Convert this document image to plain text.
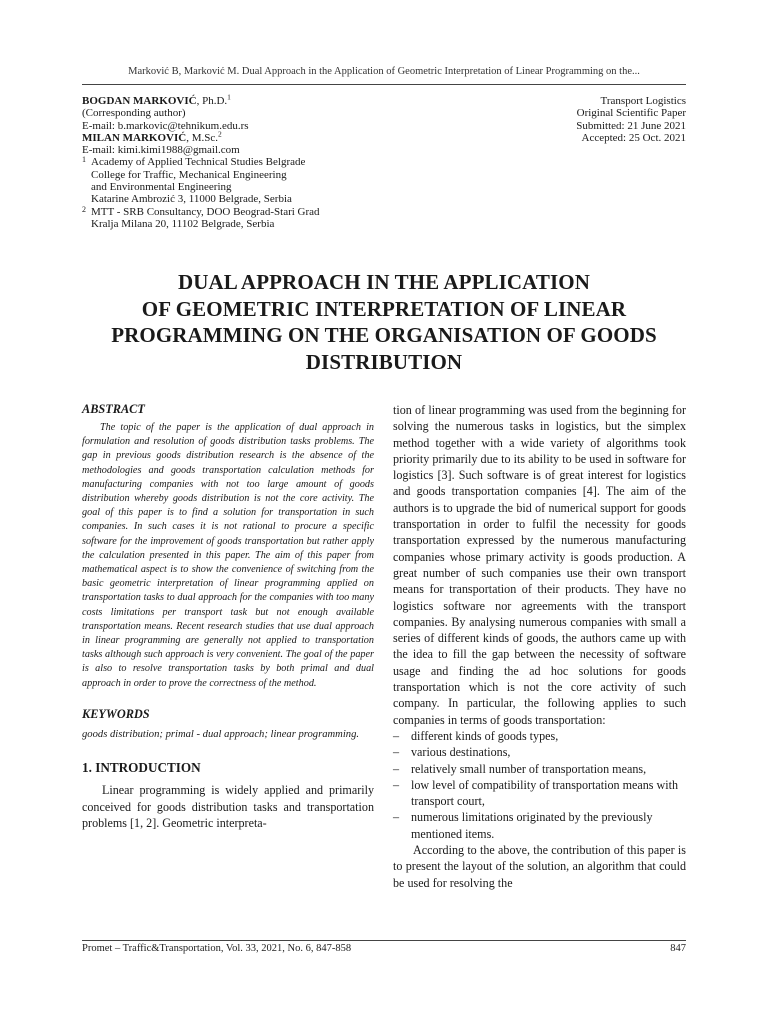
Marković B, Marković M. Dual Approach in the Application of Geometric Interpretation of Linear Programming on the...
BOGDAN MARKOVIĆ, Ph.D.$^1$
(Corresponding author)
E-mail: b.markovic@tehnikum.edu.rs
MILAN MARKOVIĆ, M.Sc.$^2$
E-mail: kimi.kimi1988@gmail.com
1 Academy of Applied Technical Studies Belgrade
College for Traffic, Mechanical Engineering
and Environmental Engineering
Katarine Ambrozić 3, 11000 Belgrade, Serbia
2 MTT - SRB Consultancy, DOO Beograd-Stari Grad
Kralja Milana 20, 11102 Belgrade, Serbia
Transport Logistics
Original Scientific Paper
Submitted: 21 June 2021
Accepted: 25 Oct. 2021
DUAL APPROACH IN THE APPLICATION
OF GEOMETRIC INTERPRETATION OF LINEAR
PROGRAMMING ON THE ORGANISATION OF GOODS
DISTRIBUTION
ABSTRACT
The topic of the paper is the application of dual approach in formulation and resolution of goods distribution tasks problems. The gap in previous goods distribution research is the absence of the methodologies and goods transportation calculation methods for manufacturing companies with not too large amount of goods distribution whereby goods distribution is not the core activity. The goal of this paper is to find a solution for transportation in such companies. In such cases it is not rational to procure a specific software for the improvement of goods transportation but rather apply the calculation presented in this paper. The aim of this paper from mathematical aspect is to show the convenience of switching from the basic geometric interpretation of linear programming applied on transportation tasks to dual approach for the companies with too many costs limitations per transport task but not enough available transportation means. Recent research studies that use dual approach in linear programming are generally not applied to transportation tasks although such approach is very convenient. The goal of the paper is also to resolve transportation tasks by both primal and dual approach in order to prove the correctness of the method.
KEYWORDS
goods distribution; primal - dual approach; linear programming.
1. INTRODUCTION
Linear programming is widely applied and primarily conceived for goods distribution tasks and transportation problems [1, 2]. Geometric interpreta-

tion of linear programming was used from the beginning for solving the numerous tasks in logistics, but the simplex method together with a wide variety of algorithms took priority primarily due to its ability to be used in software for logistics [3]. Such software is of great interest for logistics and goods transportation companies [4]. The aim of the authors is to upgrade the bid of numerical support for goods transportation in order to fulfil the necessity for goods transportation expressed by the numerous manufacturing companies whose primary activity is goods production. A great number of such companies use their own transport means for transportation of their products. They have no logistics software nor agreements with the transport companies. By analysing numerous companies with small a series of different kinds of goods, the authors came up with the idea to fill the gap between the necessity of software usage and finding the ad hoc solutions for goods transportation which is not the core activity of such company. In particular, the following applies to such companies in terms of goods transportation:

– different kinds of goods types,
– various destinations,
– relatively small number of transportation means,
– low level of compatibility of transportation means with transport court,
– numerous limitations originated by the previously mentioned items.

According to the above, the contribution of this paper is to present the layout of the solution, an algorithm that could be used for resolving the

Promet – Traffic&Transportation, Vol. 33, 2021, No. 6, 847-858	847
